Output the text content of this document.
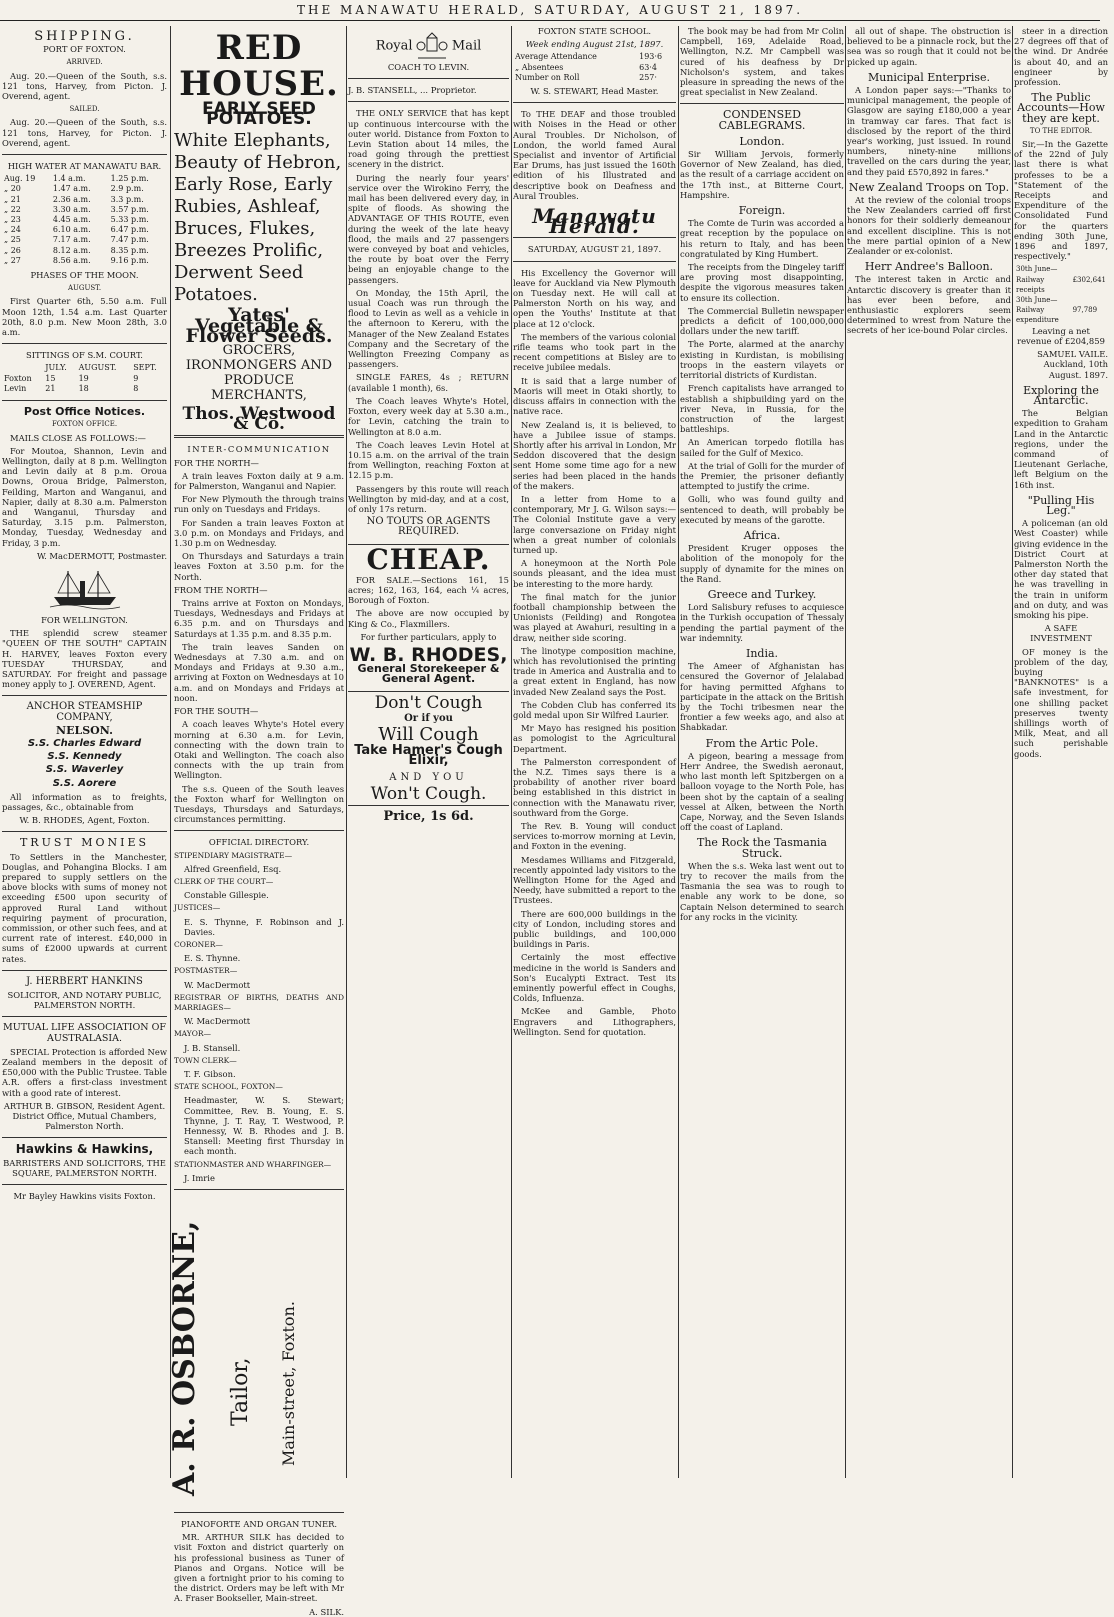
THE MANAWATU HERALD, SATURDAY, AUGUST 21, 1897.
SHIPPING.

PORT OF FOXTON.

ARRIVED.

Aug. 20.—Queen of the South, s.s. 121 tons, Harvey, from Picton. J. Overend, agent.

SAILED.

Aug. 20.—Queen of the South, s.s. 121 tons, Harvey, for Picton. J. Overend, agent.

HIGH WATER AT MANAWATU BAR.

Aug. 19	1.4 a.m.	1.25 p.m.
„ 20	1.47 a.m.	2.9 p.m.
„ 21	2.36 a.m.	3.3 p.m.
„ 22	3.30 a.m.	3.57 p.m.
„ 23	4.45 a.m.	5.33 p.m.
„ 24	6.10 a.m.	6.47 p.m.
„ 25	7.17 a.m.	7.47 p.m.
„ 26	8.12 a.m.	8.35 p.m.
„ 27	8.56 a.m.	9.16 p.m.

PHASES OF THE MOON.

AUGUST.

First Quarter 6th, 5.50 a.m. Full Moon 12th, 1.54 a.m. Last Quarter 20th, 8.0 p.m. New Moon 28th, 3.0 a.m.

SITTINGS OF S.M. COURT.

	JULY.	AUGUST.	SEPT.
Foxton	15	19	9
Levin	21	18	8
Post Office Notices.

FOXTON OFFICE.

MAILS CLOSE AS FOLLOWS:—

For Moutoa, Shannon, Levin and Wellington, daily at 8 p.m. Wellington and Levin daily at 8 p.m. Oroua Downs, Oroua Bridge, Palmerston, Feilding, Marton and Wanganui, and Napier, daily at 8.30 a.m. Palmerston and Wanganui, Thursday and Saturday, 3.15 p.m. Palmerston, Monday, Tuesday, Wednesday and Friday, 3 p.m.

W. MacDERMOTT, Postmaster.

FOR WELLINGTON.

THE splendid screw steamer "QUEEN OF THE SOUTH" CAPTAIN H. HARVEY, leaves Foxton every TUESDAY THURSDAY, and SATURDAY. For freight and passage money apply to J. OVEREND, Agent.

ANCHOR STEAMSHIP COMPANY,

NELSON.

S.S. Charles Edward

S.S. Kennedy

S.S. Waverley

S.S. Aorere

All information as to freights, passages, &c., obtainable from

W. B. RHODES, Agent, Foxton.

TRUST MONIES

To Settlers in the Manchester, Douglas, and Pohangina Blocks. I am prepared to supply settlers on the above blocks with sums of money not exceeding £500 upon security of approved Rural Land without requiring payment of procuration, commission, or other such fees, and at current rate of interest. £40,000 in sums of £2000 upwards at current rates.

J. HERBERT HANKINS

SOLICITOR, AND NOTARY PUBLIC, PALMERSTON NORTH.

MUTUAL LIFE ASSOCIATION OF AUSTRALASIA.

SPECIAL Protection is afforded New Zealand members in the deposit of £50,000 with the Public Trustee. Table A.R. offers a first-class investment with a good rate of interest.

ARTHUR B. GIBSON, Resident Agent. District Office, Mutual Chambers, Palmerston North.

Hawkins & Hawkins,

BARRISTERS AND SOLICITORS, THE SQUARE, PALMERSTON NORTH.

Mr Bayley Hawkins visits Foxton.

RED HOUSE.
EARLY SEED POTATOES.
White Elephants, Beauty of Hebron, Early Rose, Early Rubies, Ashleaf, Bruces, Flukes, Breezes Prolific, Derwent Seed Potatoes.
Yates' Vegetable & Flower Seeds.
GROCERS, IRONMONGERS AND PRODUCE MERCHANTS,
Thos. Westwood & Co.

INTER-COMMUNICATION

FOR THE NORTH—

A train leaves Foxton daily at 9 a.m. for Palmerston, Wanganui and Napier.

For New Plymouth the through trains run only on Tuesdays and Fridays.

For Sanden a train leaves Foxton at 3.0 p.m. on Mondays and Fridays, and 1.30 p.m on Wednesday.

On Thursdays and Saturdays a train leaves Foxton at 3.50 p.m. for the North.

FROM THE NORTH—

Trains arrive at Foxton on Mondays, Tuesdays, Wednesdays and Fridays at 6.35 p.m. and on Thursdays and Saturdays at 1.35 p.m. and 8.35 p.m.

The train leaves Sanden on Wednesdays at 7.30 a.m. and on Mondays and Fridays at 9.30 a.m., arriving at Foxton on Wednesdays at 10 a.m. and on Mondays and Fridays at noon.

FOR THE SOUTH—

A coach leaves Whyte's Hotel every morning at 6.30 a.m. for Levin, connecting with the down train to Otaki and Wellington. The coach also connects with the up train from Wellington.

The s.s. Queen of the South leaves the Foxton wharf for Wellington on Tuesdays, Thursdays and Saturdays, circumstances permitting.

OFFICIAL DIRECTORY.

STIPENDIARY MAGISTRATE—

Alfred Greenfield, Esq.

CLERK OF THE COURT—

Constable Gillespie.

JUSTICES—

E. S. Thynne, F. Robinson and J. Davies.

CORONER—

E. S. Thynne.

POSTMASTER—

W. MacDermott

REGISTRAR OF BIRTHS, DEATHS AND MARRIAGES—

W. MacDermott

MAYOR—

J. B. Stansell.

TOWN CLERK—

T. F. Gibson.

STATE SCHOOL, FOXTON—

Headmaster, W. S. Stewart; Committee, Rev. B. Young, E. S. Thynne, J. T. Ray, T. Westwood, P. Hennessy, W. B. Rhodes and J. B. Stansell: Meeting first Thursday in each month.

STATIONMASTER AND WHARFINGER—

J. Imrie

A. R. OSBORNE, Tailor, Main-street, Foxton.

PIANOFORTE AND ORGAN TUNER.

MR. ARTHUR SILK has decided to visit Foxton and district quarterly on his professional business as Tuner of Pianos and Organs. Notice will be given a fortnight prior to his coming to the district. Orders may be left with Mr A. Fraser Bookseller, Main-street.

A. SILK.

Royal	Mail

COACH TO LEVIN.

J. B. STANSELL, ... Proprietor.

THE ONLY SERVICE that has kept up continuous intercourse with the outer world. Distance from Foxton to Levin Station about 14 miles, the road going through the prettiest scenery in the district.

During the nearly four years' service over the Wirokino Ferry, the mail has been delivered every day, in spite of floods. As showing the ADVANTAGE OF THIS ROUTE, even during the week of the late heavy flood, the mails and 27 passengers were conveyed by boat and vehicles, the route by boat over the Ferry being an enjoyable change to the passengers.

On Monday, the 15th April, the usual Coach was run through the flood to Levin as well as a vehicle in the afternoon to Kereru, with the Manager of the New Zealand Estates Company and the Secretary of the Wellington Freezing Company as passengers.

SINGLE FARES, 4s ; RETURN (available 1 month), 6s.

The Coach leaves Whyte's Hotel, Foxton, every week day at 5.30 a.m., for Levin, catching the train to Wellington at 8.0 a.m.

The Coach leaves Levin Hotel at 10.15 a.m. on the arrival of the train from Wellington, reaching Foxton at 12.15 p.m.

Passengers by this route will reach Wellington by mid-day, and at a cost, of only 17s return.

NO TOUTS OR AGENTS REQUIRED.

CHEAP.

FOR SALE.—Sections 161, 15 acres; 162, 163, 164, each ¼ acres, Borough of Foxton.

The above are now occupied by King & Co., Flaxmillers.

For further particulars, apply to

W. B. RHODES,

General Storekeeper & General Agent.

Don't Cough
Or if you
Will Cough
Take Hamer's Cough Elixir,
AND YOU
Won't Cough.
Price, 1s 6d.

FOXTON STATE SCHOOL.

Week ending August 21st, 1897.

Average Attendance	193·6
„ Absentees	63·4
Number on Roll	257·

W. S. STEWART, Head Master.

To THE DEAF and those troubled with Noises in the Head or other Aural Troubles. Dr Nicholson, of London, the world famed Aural Specialist and inventor of Artificial Ear Drums, has just issued the 160th edition of his Illustrated and descriptive book on Deafness and Aural Troubles.

Manawatu Herald.

SATURDAY, AUGUST 21, 1897.

His Excellency the Governor will leave for Auckland via New Plymouth on Tuesday next. He will call at Palmerston North on his way, and open the Youths' Institute at that place at 12 o'clock.

The members of the various colonial rifle teams who took part in the recent competitions at Bisley are to receive jubilee medals.

It is said that a large number of Maoris will meet in Otaki shortly, to discuss affairs in connection with the native race.

New Zealand is, it is believed, to have a Jubilee issue of stamps. Shortly after his arrival in London, Mr Seddon discovered that the design sent Home some time ago for a new series had been placed in the hands of the makers.

In a letter from Home to a contemporary, Mr J. G. Wilson says:—The Colonial Institute gave a very large conversazione on Friday night when a great number of colonials turned up.

A honeymoon at the North Pole sounds pleasant, and the idea must be interesting to the more hardy.

The final match for the junior football championship between the Unionists (Feilding) and Rongotea was played at Awahuri, resulting in a draw, neither side scoring.

The linotype composition machine, which has revolutionised the printing trade in America and Australia and to a great extent in England, has now invaded New Zealand says the Post.

The Cobden Club has conferred its gold medal upon Sir Wilfred Laurier.

Mr Mayo has resigned his position as pomologist to the Agricultural Department.

The Palmerston correspondent of the N.Z. Times says there is a probability of another river board being established in this district in connection with the Manawatu river, southward from the Gorge.

The Rev. B. Young will conduct services to-morrow morning at Levin, and Foxton in the evening.

Mesdames Williams and Fitzgerald, recently appointed lady visitors to the Wellington Home for the Aged and Needy, have submitted a report to the Trustees.

There are 600,000 buildings in the city of London, including stores and public buildings, and 100,000 buildings in Paris.

Certainly the most effective medicine in the world is Sanders and Son's Eucalypti Extract. Test its eminently powerful effect in Coughs, Colds, Influenza.

McKee and Gamble, Photo Engravers and Lithographers, Wellington. Send for quotation.

The book may be had from Mr Colin Campbell, 169, Adelaide Road, Wellington, N.Z. Mr Campbell was cured of his deafness by Dr Nicholson's system, and takes pleasure in spreading the news of the great specialist in New Zealand.

CONDENSED CABLEGRAMS.
London.

Sir William Jervois, formerly Governor of New Zealand, has died, as the result of a carriage accident on the 17th inst., at Bitterne Court, Hampshire.

Foreign.

The Comte de Turin was accorded a great reception by the populace on his return to Italy, and has been congratulated by King Humbert.

The receipts from the Dingeley tariff are proving most disappointing, despite the vigorous measures taken to ensure its collection.

The Commercial Bulletin newspaper predicts a deficit of 100,000,000 dollars under the new tariff.

The Porte, alarmed at the anarchy existing in Kurdistan, is mobilising troops in the eastern vilayets or territorial districts of Kurdistan.

French capitalists have arranged to establish a shipbuilding yard on the river Neva, in Russia, for the construction of the largest battleships.

An American torpedo flotilla has sailed for the Gulf of Mexico.

At the trial of Golli for the murder of the Premier, the prisoner defiantly attempted to justify the crime.

Golli, who was found guilty and sentenced to death, will probably be executed by means of the garotte.

Africa.

President Kruger opposes the abolition of the monopoly for the supply of dynamite for the mines on the Rand.

Greece and Turkey.

Lord Salisbury refuses to acquiesce in the Turkish occupation of Thessaly pending the partial payment of the war indemnity.

India.

The Ameer of Afghanistan has censured the Governor of Jelalabad for having permitted Afghans to participate in the attack on the British by the Tochi tribesmen near the frontier a few weeks ago, and also at Shabkadar.

From the Artic Pole.

A pigeon, bearing a message from Herr Andree, the Swedish aeronaut, who last month left Spitzbergen on a balloon voyage to the North Pole, has been shot by the captain of a sealing vessel at Alken, between the North Cape, Norway, and the Seven Islands off the coast of Lapland.

The Rock the Tasmania Struck.

When the s.s. Weka last went out to try to recover the mails from the Tasmania the sea was to rough to enable any work to be done, so Captain Nelson determined to search for any rocks in the vicinity.

all out of shape. The obstruction is believed to be a pinnacle rock, but the sea was so rough that it could not be picked up again.

Municipal Enterprise.

A London paper says:—"Thanks to municipal management, the people of Glasgow are saying £180,000 a year in tramway car fares. That fact is disclosed by the report of the third year's working, just issued. In round numbers, ninety-nine millions travelled on the cars during the year, and they paid £570,892 in fares."

New Zealand Troops on Top.

At the review of the colonial troops the New Zealanders carried off first honors for their soldierly demeanour and excellent discipline. This is not the mere partial opinion of a New Zealander or ex-colonist.

Herr Andree's Balloon.

The interest taken in Arctic and Antarctic discovery is greater than it has ever been before, and enthusiastic explorers seem determined to wrest from Nature the secrets of her ice-bound Polar circles.

steer in a direction 27 degrees off that of the wind. Dr Andrée is about 40, and an engineer by profession.

The Public Accounts—How they are kept.

TO THE EDITOR.

Sir,—In the Gazette of the 22nd of July last there is what professes to be a "Statement of the Receipts and Expenditure of the Consolidated Fund for the quarters ending 30th June, 1896 and 1897, respectively."

30th June—Railway receipts	£302,641
30th June—Railway expenditure	97,789

Leaving a net revenue of £204,859

SAMUEL VAILE. Auckland, 10th August. 1897.

Exploring the Antarctic.

The Belgian expedition to Graham Land in the Antarctic regions, under the command of Lieutenant Gerlache, left Belgium on the 16th inst.

"Pulling His Leg."

A policeman (an old West Coaster) while giving evidence in the District Court at Palmerston North the other day stated that he was travelling in the train in uniform and on duty, and was smoking his pipe.

A SAFE INVESTMENT

OF money is the problem of the day, buying "BANKNOTES" is a safe investment, for one shilling packet preserves twenty shillings worth of Milk, Meat, and all such perishable goods.
